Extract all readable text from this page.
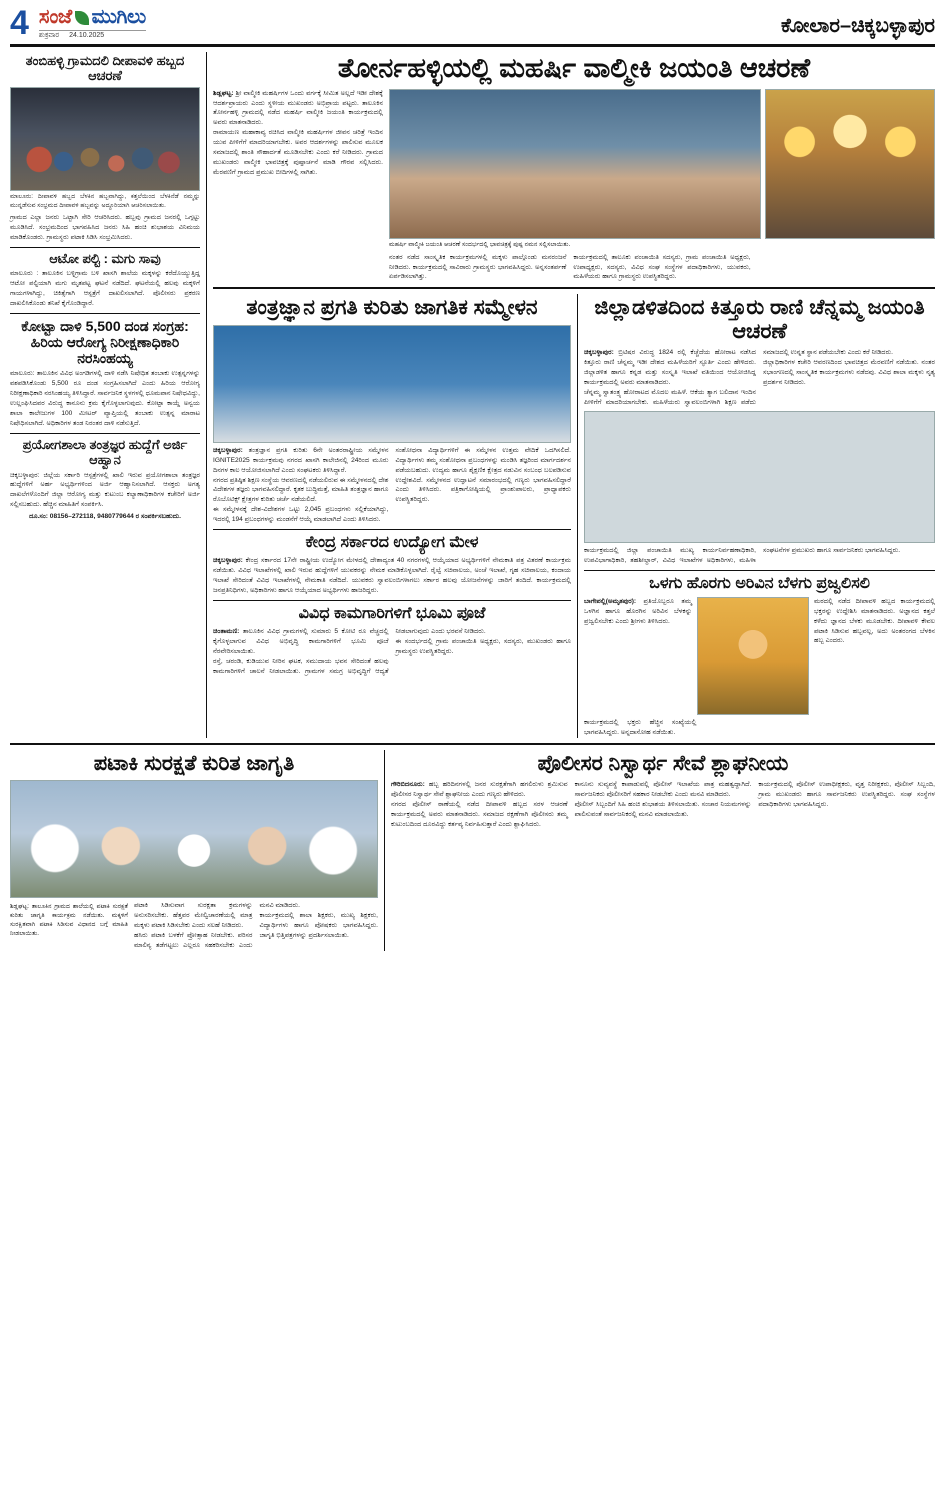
4 ಸಂಜೆ ಮುಗಿಲು
ಶುಕ್ರವಾರ 24.10.2025	ಕೋಲಾರ–ಚಿಕ್ಕಬಳ್ಳಾಪುರ
ತಂಬಿಹಳ್ಳಿ ಗ್ರಾಮದಲಿ ದೀಪಾವಳಿ ಹಬ್ಬದ ಆಚರಣೆ
ಮಾಲೂರು: ದೀಪಾವಳಿ ಹಬ್ಬದ ಬೆಳಕಿನ ಹಬ್ಬವಾಗಿದ್ದು, ಕತ್ತಲೆಯಿಂದ ಬೆಳಕಿನೆಡೆ ನಮ್ಮನ್ನು ಮುನ್ನಡೆಸುವ ಸಂಭ್ರಮದ ದೀಪಾವಳಿ ಹಬ್ಬವನ್ನು ಅದ್ಧೂರಿಯಾಗಿ ಆಚರಿಸಲಾಯಿತು.
ಗ್ರಾಮದ ಎಲ್ಲಾ ಜನರು ಒಟ್ಟಾಗಿ ಸೇರಿ ಆಚರಿಸಿದರು. ಹಬ್ಬವು ಗ್ರಾಮದ ಜನರಲ್ಲಿ ಒಗ್ಗಟ್ಟು ಮೂಡಿಸಿದೆ. ಸಂಭ್ರಮದಿಂದ ಭಾಗವಹಿಸಿದ ಜನರು ಸಿಹಿ ಹಂಚಿ ಶುಭಾಶಯ ವಿನಿಮಯ ಮಾಡಿಕೊಂಡರು. ಗ್ರಾಮಸ್ಥರು ಪಟಾಕಿ ಸಿಡಿಸಿ ಸಂಭ್ರಮಿಸಿದರು.
ಆಟೋ ಪಲ್ಟಿ : ಮಗು ಸಾವು
ಮಾಲೂರು : ತಾಲೂಕಿನ ಬಳ್ಳಿಗ್ರಾಮ ಬಳಿ ಖಾಸಗಿ ಶಾಲೆಯ ಮಕ್ಕಳನ್ನು ಕರೆದೊಯ್ಯುತ್ತಿದ್ದ ಆಟೋ ಪಲ್ಟಿಯಾಗಿ ಮಗು ಮೃತಪಟ್ಟ ಘಟನೆ ನಡೆದಿದೆ. ಘಟನೆಯಲ್ಲಿ ಹಲವು ಮಕ್ಕಳಿಗೆ ಗಾಯಗಳಾಗಿದ್ದು, ಚಿಕಿತ್ಸೆಗಾಗಿ ಆಸ್ಪತ್ರೆಗೆ ದಾಖಲಿಸಲಾಗಿದೆ. ಪೊಲೀಸರು ಪ್ರಕರಣ ದಾಖಲಿಸಿಕೊಂಡು ತನಿಖೆ ಕೈಗೊಂಡಿದ್ದಾರೆ.
ಕೋಟ್ಟಾ ದಾಳಿ 5,500 ದಂಡ ಸಂಗ್ರಹ: ಹಿರಿಯ ಆರೋಗ್ಯ ನಿರೀಕ್ಷಣಾಧಿಕಾರಿ ನರಸಿಂಹಯ್ಯ
ಮಾಲೂರು: ತಾಲೂಕಿನ ವಿವಿಧ ಅಂಗಡಿಗಳಲ್ಲಿ ದಾಳಿ ನಡೆಸಿ ನಿಷೇಧಿತ ತಂಬಾಕು ಉತ್ಪನ್ನಗಳನ್ನು ವಶಪಡಿಸಿಕೊಂಡು 5,500 ರೂ ದಂಡ ಸಂಗ್ರಹಿಸಲಾಗಿದೆ ಎಂದು ಹಿರಿಯ ಆರೋಗ್ಯ ನಿರೀಕ್ಷಣಾಧಿಕಾರಿ ನರಸಿಂಹಯ್ಯ ತಿಳಿಸಿದ್ದಾರೆ. ಸಾರ್ವಜನಿಕ ಸ್ಥಳಗಳಲ್ಲಿ ಧೂಮಪಾನ ನಿಷೇಧವಿದ್ದು, ಉಲ್ಲಂಘಿಸಿದವರ ವಿರುದ್ಧ ಕಾನೂನು ಕ್ರಮ ಕೈಗೊಳ್ಳಲಾಗುವುದು. ಕೋಟ್ಪಾ ಕಾಯ್ದೆ ಅನ್ವಯ ಶಾಲಾ ಕಾಲೇಜುಗಳ 100 ಮೀಟರ್ ವ್ಯಾಪ್ತಿಯಲ್ಲಿ ತಂಬಾಕು ಉತ್ಪನ್ನ ಮಾರಾಟ ನಿಷೇಧಿಸಲಾಗಿದೆ. ಅಧಿಕಾರಿಗಳ ತಂಡ ನಿರಂತರ ದಾಳಿ ನಡೆಸುತ್ತಿದೆ.
ಪ್ರಯೋಗಶಾಲಾ ತಂತ್ರಜ್ಞರ ಹುದ್ದೆಗೆ ಅರ್ಜಿ ಆಹ್ವಾನ
ಚಿಕ್ಕಬಳ್ಳಾಪುರ: ಜಿಲ್ಲೆಯ ಸರ್ಕಾರಿ ಆಸ್ಪತ್ರೆಗಳಲ್ಲಿ ಖಾಲಿ ಇರುವ ಪ್ರಯೋಗಶಾಲಾ ತಂತ್ರಜ್ಞರ ಹುದ್ದೆಗಳಿಗೆ ಅರ್ಹ ಅಭ್ಯರ್ಥಿಗಳಿಂದ ಅರ್ಜಿ ಆಹ್ವಾನಿಸಲಾಗಿದೆ. ಆಸಕ್ತರು ಅಗತ್ಯ ದಾಖಲೆಗಳೊಂದಿಗೆ ಜಿಲ್ಲಾ ಆರೋಗ್ಯ ಮತ್ತು ಕುಟುಂಬ ಕಲ್ಯಾಣಾಧಿಕಾರಿಗಳ ಕಚೇರಿಗೆ ಅರ್ಜಿ ಸಲ್ಲಿಸಬಹುದು. ಹೆಚ್ಚಿನ ಮಾಹಿತಿಗೆ ಸಂಪರ್ಕಿಸಿ.
ದೂ.ಸಂ: 08156–272118, 9480779644 ರ ಸಂಪರ್ಕಿಸಬಹುದು.
ತೋರ್ನಹಳ್ಳಿಯಲ್ಲಿ ಮಹರ್ಷಿ ವಾಲ್ಮೀಕಿ ಜಯಂತಿ ಆಚರಣೆ
ಶಿಡ್ಲಘಟ್ಟ: ಶ್ರೀ ವಾಲ್ಮೀಕಿ ಮಹರ್ಷಿಗಳ ಒಂದು ವರ್ಗಕ್ಕೆ ಸೀಮಿತ ಅಲ್ಲದೆ ಇಡೀ ದೇಶಕ್ಕೆ ಆದರ್ಶಪ್ರಾಯರು ಎಂದು ಸ್ಥಳೀಯ ಮುಖಂಡರು ಅಭಿಪ್ರಾಯ ಪಟ್ಟರು. ತಾಲೂಕಿನ ತೋರ್ನಹಳ್ಳಿ ಗ್ರಾಮದಲ್ಲಿ ನಡೆದ ಮಹರ್ಷಿ ವಾಲ್ಮೀಕಿ ಜಯಂತಿ ಕಾರ್ಯಕ್ರಮದಲ್ಲಿ ಅವರು ಮಾತನಾಡಿದರು.
ರಾಮಾಯಣ ಮಹಾಕಾವ್ಯ ರಚಿಸಿದ ವಾಲ್ಮೀಕಿ ಮಹರ್ಷಿಗಳ ಜೀವನ ಚರಿತ್ರೆ ಇಂದಿನ ಯುವ ಪೀಳಿಗೆಗೆ ಮಾದರಿಯಾಗಬೇಕು. ಅವರ ಆದರ್ಶಗಳನ್ನು ಪಾಲಿಸುವ ಮೂಲಕ ಸಮಾಜದಲ್ಲಿ ಶಾಂತಿ ಸೌಹಾರ್ದತೆ ಮೂಡಿಸಬೇಕು ಎಂದು ಕರೆ ನೀಡಿದರು. ಗ್ರಾಮದ ಮುಖಂಡರು ವಾಲ್ಮೀಕಿ ಭಾವಚಿತ್ರಕ್ಕೆ ಪುಷ್ಪಾರ್ಚನೆ ಮಾಡಿ ಗೌರವ ಸಲ್ಲಿಸಿದರು. ಮೆರವಣಿಗೆ ಗ್ರಾಮದ ಪ್ರಮುಖ ಬೀದಿಗಳಲ್ಲಿ ಸಾಗಿತು.
ಮಹರ್ಷಿ ವಾಲ್ಮೀಕಿ ಜಯಂತಿ ಆಚರಣೆ ಸಂದರ್ಭದಲ್ಲಿ ಭಾವಚಿತ್ರಕ್ಕೆ ಪುಷ್ಪ ನಮನ ಸಲ್ಲಿಸಲಾಯಿತು.
ನಂತರ ನಡೆದ ಸಾಂಸ್ಕೃತಿಕ ಕಾರ್ಯಕ್ರಮಗಳಲ್ಲಿ ಮಕ್ಕಳು ಪಾಲ್ಗೊಂಡು ಮನರಂಜನೆ ನೀಡಿದರು. ಕಾರ್ಯಕ್ರಮದಲ್ಲಿ ಸಾವಿರಾರು ಗ್ರಾಮಸ್ಥರು ಭಾಗವಹಿಸಿದ್ದರು. ಅನ್ನಸಂತರ್ಪಣೆ ಏರ್ಪಡಿಸಲಾಗಿತ್ತು.
ಕಾರ್ಯಕ್ರಮದಲ್ಲಿ ತಾಲೂಕು ಪಂಚಾಯಿತಿ ಸದಸ್ಯರು, ಗ್ರಾಮ ಪಂಚಾಯಿತಿ ಅಧ್ಯಕ್ಷರು, ಉಪಾಧ್ಯಕ್ಷರು, ಸದಸ್ಯರು, ವಿವಿಧ ಸಂಘ ಸಂಸ್ಥೆಗಳ ಪದಾಧಿಕಾರಿಗಳು, ಯುವಕರು, ಮಹಿಳೆಯರು ಹಾಗೂ ಗ್ರಾಮಸ್ಥರು ಉಪಸ್ಥಿತರಿದ್ದರು.
ತಂತ್ರಜ್ಞಾನ ಪ್ರಗತಿ ಕುರಿತು ಜಾಗತಿಕ ಸಮ್ಮೇಳನ
ಚಿಕ್ಕಬಳ್ಳಾಪುರ: ತಂತ್ರಜ್ಞಾನ ಪ್ರಗತಿ ಕುರಿತು 6ನೇ ಅಂತರರಾಷ್ಟ್ರೀಯ ಸಮ್ಮೇಳನ IGNITE2025 ಕಾರ್ಯಕ್ರಮವು ನಗರದ ಖಾಸಗಿ ಕಾಲೇಜಿನಲ್ಲಿ 24ರಿಂದ ಮೂರು ದಿನಗಳ ಕಾಲ ಆಯೋಜಿಸಲಾಗಿದೆ ಎಂದು ಸಂಘಟಕರು ತಿಳಿಸಿದ್ದಾರೆ.
ನಗರದ ಪ್ರತಿಷ್ಠಿತ ಶಿಕ್ಷಣ ಸಂಸ್ಥೆಯ ಆವರಣದಲ್ಲಿ ನಡೆಯಲಿರುವ ಈ ಸಮ್ಮೇಳನದಲ್ಲಿ ದೇಶ ವಿದೇಶಗಳ ತಜ್ಞರು ಭಾಗವಹಿಸಲಿದ್ದಾರೆ. ಕೃತಕ ಬುದ್ಧಿಮತ್ತೆ, ಮಾಹಿತಿ ತಂತ್ರಜ್ಞಾನ ಹಾಗೂ ರೊಬೊಟಿಕ್ಸ್ ಕ್ಷೇತ್ರಗಳ ಕುರಿತು ಚರ್ಚೆ ನಡೆಯಲಿದೆ.
ಈ ಸಮ್ಮೇಳನಕ್ಕೆ ದೇಶ-ವಿದೇಶಗಳ ಒಟ್ಟು 2,045 ಪ್ರಬಂಧಗಳು ಸಲ್ಲಿಕೆಯಾಗಿದ್ದು, ಇದರಲ್ಲಿ 194 ಪ್ರಬಂಧಗಳನ್ನು ಮಂಡನೆಗೆ ಆಯ್ಕೆ ಮಾಡಲಾಗಿದೆ ಎಂದು ತಿಳಿಸಿದರು.
ಸಂಶೋಧನಾ ವಿದ್ಯಾರ್ಥಿಗಳಿಗೆ ಈ ಸಮ್ಮೇಳನ ಉತ್ತಮ ವೇದಿಕೆ ಒದಗಿಸಲಿದೆ. ವಿದ್ಯಾರ್ಥಿಗಳು ತಮ್ಮ ಸಂಶೋಧನಾ ಪ್ರಬಂಧಗಳನ್ನು ಮಂಡಿಸಿ ತಜ್ಞರಿಂದ ಮಾರ್ಗದರ್ಶನ ಪಡೆಯಬಹುದು. ಉದ್ಯಮ ಹಾಗೂ ಶೈಕ್ಷಣಿಕ ಕ್ಷೇತ್ರದ ನಡುವಿನ ಸಂಬಂಧ ಬಲಪಡಿಸುವ ಉದ್ದೇಶವಿದೆ. ಸಮ್ಮೇಳನದ ಉದ್ಘಾಟನೆ ಸಮಾರಂಭದಲ್ಲಿ ಗಣ್ಯರು ಭಾಗವಹಿಸಲಿದ್ದಾರೆ ಎಂದು ತಿಳಿಸಿದರು. ಪತ್ರಿಕಾಗೋಷ್ಠಿಯಲ್ಲಿ ಪ್ರಾಂಶುಪಾಲರು, ಪ್ರಾಧ್ಯಾಪಕರು ಉಪಸ್ಥಿತರಿದ್ದರು.
ಕೇಂದ್ರ ಸರ್ಕಾರದ ಉದ್ಯೋಗ ಮೇಳ
ಚಿಕ್ಕಬಳ್ಳಾಪುರ: ಕೇಂದ್ರ ಸರ್ಕಾರದ 17ನೇ ರಾಷ್ಟ್ರೀಯ ಉದ್ಯೋಗ ಮೇಳದಲ್ಲಿ ದೇಶಾದ್ಯಂತ 40 ನಗರಗಳಲ್ಲಿ ಆಯ್ಕೆಯಾದ ಅಭ್ಯರ್ಥಿಗಳಿಗೆ ನೇಮಕಾತಿ ಪತ್ರ ವಿತರಣೆ ಕಾರ್ಯಕ್ರಮ ನಡೆಯಿತು. ವಿವಿಧ ಇಲಾಖೆಗಳಲ್ಲಿ ಖಾಲಿ ಇರುವ ಹುದ್ದೆಗಳಿಗೆ ಯುವಕರನ್ನು ನೇಮಕ ಮಾಡಿಕೊಳ್ಳಲಾಗಿದೆ. ರೈಲ್ವೆ ಸಚಿವಾಲಯ, ಅಂಚೆ ಇಲಾಖೆ, ಗೃಹ ಸಚಿವಾಲಯ, ಕಂದಾಯ ಇಲಾಖೆ ಸೇರಿದಂತೆ ವಿವಿಧ ಇಲಾಖೆಗಳಲ್ಲಿ ನೇಮಕಾತಿ ನಡೆದಿದೆ. ಯುವಕರು ಸ್ವಾವಲಂಬಿಗಳಾಗಲು ಸರ್ಕಾರ ಹಲವು ಯೋಜನೆಗಳನ್ನು ಜಾರಿಗೆ ತಂದಿದೆ. ಕಾರ್ಯಕ್ರಮದಲ್ಲಿ ಜನಪ್ರತಿನಿಧಿಗಳು, ಅಧಿಕಾರಿಗಳು ಹಾಗೂ ಆಯ್ಕೆಯಾದ ಅಭ್ಯರ್ಥಿಗಳು ಹಾಜರಿದ್ದರು.
ವಿವಿಧ ಕಾಮಗಾರಿಗಳಿಗೆ ಭೂಮಿ ಪೂಜೆ
ಚಿಂತಾಮಣಿ: ತಾಲೂಕಿನ ವಿವಿಧ ಗ್ರಾಮಗಳಲ್ಲಿ ಸುಮಾರು 5 ಕೋಟಿ ರೂ ವೆಚ್ಚದಲ್ಲಿ ಕೈಗೊಳ್ಳಲಾಗುವ ವಿವಿಧ ಅಭಿವೃದ್ಧಿ ಕಾಮಗಾರಿಗಳಿಗೆ ಭೂಮಿ ಪೂಜೆ ನೆರವೇರಿಸಲಾಯಿತು.
ರಸ್ತೆ, ಚರಂಡಿ, ಕುಡಿಯುವ ನೀರಿನ ಘಟಕ, ಸಮುದಾಯ ಭವನ ಸೇರಿದಂತೆ ಹಲವು ಕಾಮಗಾರಿಗಳಿಗೆ ಚಾಲನೆ ನೀಡಲಾಯಿತು. ಗ್ರಾಮಗಳ ಸಮಗ್ರ ಅಭಿವೃದ್ಧಿಗೆ ಆದ್ಯತೆ ನೀಡಲಾಗುವುದು ಎಂದು ಭರವಸೆ ನೀಡಿದರು.
ಈ ಸಂದರ್ಭದಲ್ಲಿ ಗ್ರಾಮ ಪಂಚಾಯಿತಿ ಅಧ್ಯಕ್ಷರು, ಸದಸ್ಯರು, ಮುಖಂಡರು ಹಾಗೂ ಗ್ರಾಮಸ್ಥರು ಉಪಸ್ಥಿತರಿದ್ದರು.
ಜಿಲ್ಲಾಡಳಿತದಿಂದ ಕಿತ್ತೂರು ರಾಣಿ ಚೆನ್ನಮ್ಮ ಜಯಂತಿ ಆಚರಣೆ
ಚಿಕ್ಕಬಳ್ಳಾಪುರ: ಬ್ರಿಟಿಷರ ವಿರುದ್ಧ 1824 ರಲ್ಲಿ ಕೆಚ್ಚೆದೆಯ ಹೋರಾಟ ನಡೆಸಿದ ಕಿತ್ತೂರು ರಾಣಿ ಚೆನ್ನಮ್ಮ ಇಡೀ ದೇಶದ ಮಹಿಳೆಯರಿಗೆ ಸ್ಫೂರ್ತಿ ಎಂದು ಹೇಳಿದರು. ಜಿಲ್ಲಾಡಳಿತ ಹಾಗೂ ಕನ್ನಡ ಮತ್ತು ಸಂಸ್ಕೃತಿ ಇಲಾಖೆ ವತಿಯಿಂದ ಆಯೋಜಿಸಿದ್ದ ಕಾರ್ಯಕ್ರಮದಲ್ಲಿ ಅವರು ಮಾತನಾಡಿದರು.
ಚೆನ್ನಮ್ಮ ಸ್ವಾತಂತ್ರ್ಯ ಹೋರಾಟದ ಮೊದಲ ಮಹಿಳೆ. ಆಕೆಯ ತ್ಯಾಗ ಬಲಿದಾನ ಇಂದಿನ ಪೀಳಿಗೆಗೆ ಮಾದರಿಯಾಗಬೇಕು. ಮಹಿಳೆಯರು ಸ್ವಾವಲಂಬಿಗಳಾಗಿ ಶಿಕ್ಷಣ ಪಡೆದು ಸಮಾಜದಲ್ಲಿ ಉನ್ನತ ಸ್ಥಾನ ಪಡೆಯಬೇಕು ಎಂದು ಕರೆ ನೀಡಿದರು.
ಜಿಲ್ಲಾಧಿಕಾರಿಗಳ ಕಚೇರಿ ಆವರಣದಿಂದ ಭಾವಚಿತ್ರದ ಮೆರವಣಿಗೆ ನಡೆಯಿತು. ನಂತರ ಸಭಾಂಗಣದಲ್ಲಿ ಸಾಂಸ್ಕೃತಿಕ ಕಾರ್ಯಕ್ರಮಗಳು ನಡೆದವು. ವಿವಿಧ ಶಾಲಾ ಮಕ್ಕಳು ನೃತ್ಯ ಪ್ರದರ್ಶನ ನೀಡಿದರು.
ಕಾರ್ಯಕ್ರಮದಲ್ಲಿ ಜಿಲ್ಲಾ ಪಂಚಾಯಿತಿ ಮುಖ್ಯ ಕಾರ್ಯನಿರ್ವಹಣಾಧಿಕಾರಿ, ಉಪವಿಭಾಗಾಧಿಕಾರಿ, ತಹಶೀಲ್ದಾರ್, ವಿವಿಧ ಇಲಾಖೆಗಳ ಅಧಿಕಾರಿಗಳು, ಮಹಿಳಾ ಸಂಘಟನೆಗಳ ಪ್ರಮುಖರು ಹಾಗೂ ಸಾರ್ವಜನಿಕರು ಭಾಗವಹಿಸಿದ್ದರು.
ಒಳಗು ಹೊರಗು ಅರಿವಿನ ಬೆಳಗು ಪ್ರಜ್ವಲಿಸಲಿ
ಬಾಗೇಪಲ್ಲಿ(ಅಮೃತಪುರ): ಪ್ರತಿಯೊಬ್ಬರೂ ತಮ್ಮ ಒಳಗಿನ ಹಾಗೂ ಹೊರಗಿನ ಅರಿವಿನ ಬೆಳಕನ್ನು ಪ್ರಜ್ವಲಿಸಬೇಕು ಎಂದು ಶ್ರೀಗಳು ತಿಳಿಸಿದರು.
ಮಠದಲ್ಲಿ ನಡೆದ ದೀಪಾವಳಿ ಹಬ್ಬದ ಕಾರ್ಯಕ್ರಮದಲ್ಲಿ ಭಕ್ತರನ್ನು ಉದ್ದೇಶಿಸಿ ಮಾತನಾಡಿದರು. ಅಜ್ಞಾನದ ಕತ್ತಲೆ ಕಳೆದು ಜ್ಞಾನದ ಬೆಳಕು ಮೂಡಬೇಕು. ದೀಪಾವಳಿ ಕೇವಲ ಪಟಾಕಿ ಸಿಡಿಸುವ ಹಬ್ಬವಲ್ಲ, ಅದು ಅಂತರಂಗದ ಬೆಳಕಿನ ಹಬ್ಬ ಎಂದರು.
ಕಾರ್ಯಕ್ರಮದಲ್ಲಿ ಭಕ್ತರು ಹೆಚ್ಚಿನ ಸಂಖ್ಯೆಯಲ್ಲಿ ಭಾಗವಹಿಸಿದ್ದರು. ಅನ್ನದಾಸೋಹ ನಡೆಯಿತು.
ಪಟಾಕಿ ಸುರಕ್ಷತೆ ಕುರಿತ ಜಾಗೃತಿ
ಶಿಡ್ಲಘಟ್ಟ: ತಾಲೂಕಿನ ಗ್ರಾಮದ ಶಾಲೆಯಲ್ಲಿ ಪಟಾಕಿ ಸುರಕ್ಷತೆ ಕುರಿತು ಜಾಗೃತಿ ಕಾರ್ಯಕ್ರಮ ನಡೆಯಿತು. ಮಕ್ಕಳಿಗೆ ಸುರಕ್ಷಿತವಾಗಿ ಪಟಾಕಿ ಸಿಡಿಸುವ ವಿಧಾನದ ಬಗ್ಗೆ ಮಾಹಿತಿ ನೀಡಲಾಯಿತು.
ಪಟಾಕಿ ಸಿಡಿಸುವಾಗ ಸುರಕ್ಷತಾ ಕ್ರಮಗಳನ್ನು ಅನುಸರಿಸಬೇಕು. ಹೆತ್ತವರ ಮೇಲ್ವಿಚಾರಣೆಯಲ್ಲಿ ಮಾತ್ರ ಮಕ್ಕಳು ಪಟಾಕಿ ಸಿಡಿಸಬೇಕು ಎಂದು ಸಲಹೆ ನೀಡಿದರು.
ಹಸಿರು ಪಟಾಕಿ ಬಳಕೆಗೆ ಪ್ರೋತ್ಸಾಹ ನೀಡಬೇಕು. ಪರಿಸರ ಮಾಲಿನ್ಯ ತಡೆಗಟ್ಟಲು ಎಲ್ಲರೂ ಸಹಕರಿಸಬೇಕು ಎಂದು ಮನವಿ ಮಾಡಿದರು.
ಕಾರ್ಯಕ್ರಮದಲ್ಲಿ ಶಾಲಾ ಶಿಕ್ಷಕರು, ಮುಖ್ಯ ಶಿಕ್ಷಕರು, ವಿದ್ಯಾರ್ಥಿಗಳು ಹಾಗೂ ಪೋಷಕರು ಭಾಗವಹಿಸಿದ್ದರು. ಜಾಗೃತಿ ಭಿತ್ತಿಪತ್ರಗಳನ್ನು ಪ್ರದರ್ಶಿಸಲಾಯಿತು.
ಪೊಲೀಸರ ನಿಸ್ವಾರ್ಥ ಸೇವೆ ಶ್ಲಾಘನೀಯ
ಗೌರಿಬಿದನೂರು: ಹಬ್ಬ ಹರಿದಿನಗಳಲ್ಲಿ ಜನರ ಸುರಕ್ಷತೆಗಾಗಿ ಹಗಲಿರುಳು ಶ್ರಮಿಸುವ ಪೊಲೀಸರ ನಿಸ್ವಾರ್ಥ ಸೇವೆ ಶ್ಲಾಘನೀಯ ಎಂದು ಗಣ್ಯರು ಹೇಳಿದರು.
ನಗರದ ಪೊಲೀಸ್ ಠಾಣೆಯಲ್ಲಿ ನಡೆದ ದೀಪಾವಳಿ ಹಬ್ಬದ ಸರಳ ಆಚರಣೆ ಕಾರ್ಯಕ್ರಮದಲ್ಲಿ ಅವರು ಮಾತನಾಡಿದರು. ಸಮಾಜದ ರಕ್ಷಣೆಗಾಗಿ ಪೊಲೀಸರು ತಮ್ಮ ಕುಟುಂಬದಿಂದ ದೂರವಿದ್ದು ಕರ್ತವ್ಯ ನಿರ್ವಹಿಸುತ್ತಾರೆ ಎಂದು ಶ್ಲಾಘಿಸಿದರು.
ಕಾನೂನು ಸುವ್ಯವಸ್ಥೆ ಕಾಪಾಡುವಲ್ಲಿ ಪೊಲೀಸ್ ಇಲಾಖೆಯ ಪಾತ್ರ ಮಹತ್ವದ್ದಾಗಿದೆ. ಸಾರ್ವಜನಿಕರು ಪೊಲೀಸರಿಗೆ ಸಹಕಾರ ನೀಡಬೇಕು ಎಂದು ಮನವಿ ಮಾಡಿದರು.
ಪೊಲೀಸ್ ಸಿಬ್ಬಂದಿಗೆ ಸಿಹಿ ಹಂಚಿ ಶುಭಾಶಯ ತಿಳಿಸಲಾಯಿತು. ಸಂಚಾರ ನಿಯಮಗಳನ್ನು ಪಾಲಿಸುವಂತೆ ಸಾರ್ವಜನಿಕರಲ್ಲಿ ಮನವಿ ಮಾಡಲಾಯಿತು.
ಕಾರ್ಯಕ್ರಮದಲ್ಲಿ ಪೊಲೀಸ್ ಉಪಾಧೀಕ್ಷಕರು, ವೃತ್ತ ನಿರೀಕ್ಷಕರು, ಪೊಲೀಸ್ ಸಿಬ್ಬಂದಿ, ಗ್ರಾಮ ಮುಖಂಡರು ಹಾಗೂ ಸಾರ್ವಜನಿಕರು ಉಪಸ್ಥಿತರಿದ್ದರು. ಸಂಘ ಸಂಸ್ಥೆಗಳ ಪದಾಧಿಕಾರಿಗಳು ಭಾಗವಹಿಸಿದ್ದರು.
